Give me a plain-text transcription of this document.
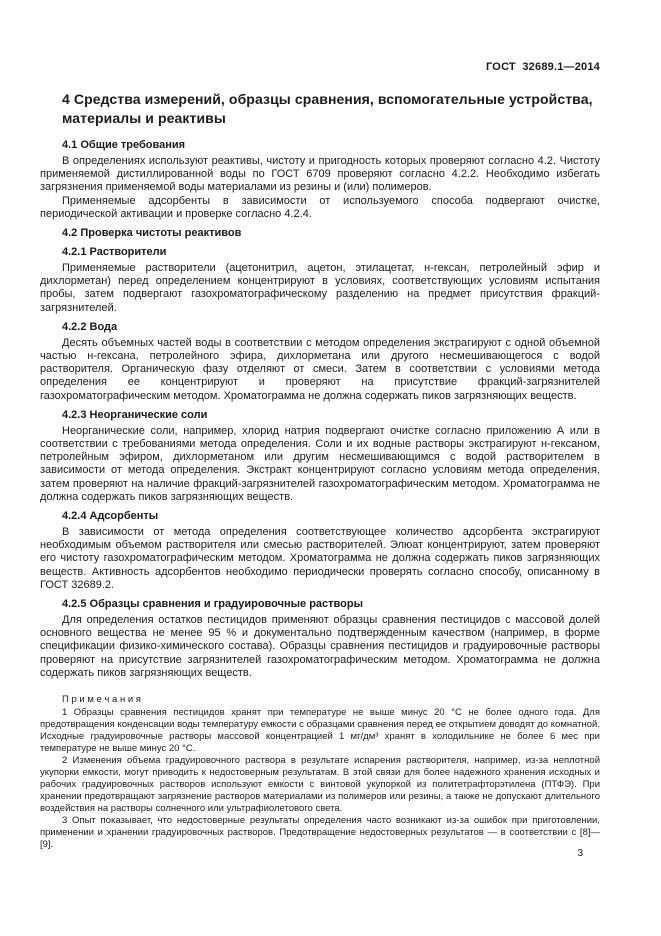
ГОСТ  32689.1—2014
4 Средства измерений, образцы сравнения, вспомогательные устройства, материалы и реактивы
4.1 Общие требования

В определениях используют реактивы, чистоту и пригодность которых проверяют согласно 4.2. Чистоту применяемой дистиллированной воды по ГОСТ 6709 проверяют согласно 4.2.2. Необходимо избегать загрязнения применяемой воды материалами из резины и (или) полимеров.

Применяемые адсорбенты в зависимости от используемого способа подвергают очистке, периодической активации и проверке согласно 4.2.4.

4.2 Проверка чистоты реактивов
4.2.1 Растворители

Применяемые растворители (ацетонитрил, ацетон, этилацетат, н-гексан, петролейный эфир и дихлорметан) перед определением концентрируют в условиях, соответствующих условиям испытания пробы, затем подвергают газохроматографическому разделению на предмет присутствия фракций-загрязнителей.

4.2.2 Вода

Десять объемных частей воды в соответствии с методом определения экстрагируют с одной объемной частью н-гексана, петролейного эфира, дихлорметана или другого несмешивающегося с водой растворителя. Органическую фазу отделяют от смеси. Затем в соответствии с условиями метода определения ее концентрируют и проверяют на присутствие фракций-загрязнителей газохроматографическим методом. Хроматограмма не должна содержать пиков загрязняющих веществ.

4.2.3 Неорганические соли

Неорганические соли, например, хлорид натрия подвергают очистке согласно приложению А или в соответствии с требованиями метода определения. Соли и их водные растворы экстрагируют н-гексаном, петролейным эфиром, дихлорметаном или другим несмешивающимся с водой растворителем в зависимости от метода определения. Экстракт концентрируют согласно условиям метода определения, затем проверяют на наличие фракций-загрязнителей газохроматографическим методом. Хроматограмма не должна содержать пиков загрязняющих веществ.

4.2.4 Адсорбенты

В зависимости от метода определения соответствующее количество адсорбента экстрагируют необходимым объемом растворителя или смесью растворителей. Элюат концентрируют, затем проверяют его чистоту газохроматографическим методом. Хроматограмма не должна содержать пиков загрязняющих веществ. Активность адсорбентов необходимо периодически проверять согласно способу, описанному в ГОСТ 32689.2.

4.2.5 Образцы сравнения и градуировочные растворы

Для определения остатков пестицидов применяют образцы сравнения пестицидов с массовой долей основного вещества не менее 95 % и документально подтвержденным качеством (например, в форме спецификации физико-химического состава). Образцы сравнения пестицидов и градуировочные растворы проверяют на присутствие загрязнителей газохроматографическим методом. Хроматограмма не должна содержать пиков загрязняющих веществ.

П р и м е ч а н и я

1 Образцы сравнения пестицидов хранят при температуре не выше минус 20 °С не более одного года. Для предотвращения конденсации воды температуру емкости с образцами сравнения перед ее открытием доводят до комнатной. Исходные градуировочные растворы массовой концентрацией 1 мг/дм³ хранят в холодильнике не более 6 мес при температуре не выше минус 20 °С.

2 Изменения объема градуировочного раствора в результате испарения растворителя, например, из-за неплотной укупорки емкости, могут приводить к недостоверным результатам. В этой связи для более надежного хранения исходных и рабочих градуировочных растворов используют емкости с винтовой укупоркой из политетрафторэтилена (ПТФЭ). При хранении предотвращают загрязнение растворов материалами из полимеров или резины, а также не допускают длительного воздействия на растворы солнечного или ультрафиолетового света.

3 Опыт показывает, что недостоверные результаты определения часто возникают из-за ошибок при приготовлении, применении и хранении градуировочных растворов. Предотвращение недостоверных результатов — в соответствии с [8]—[9].

3
